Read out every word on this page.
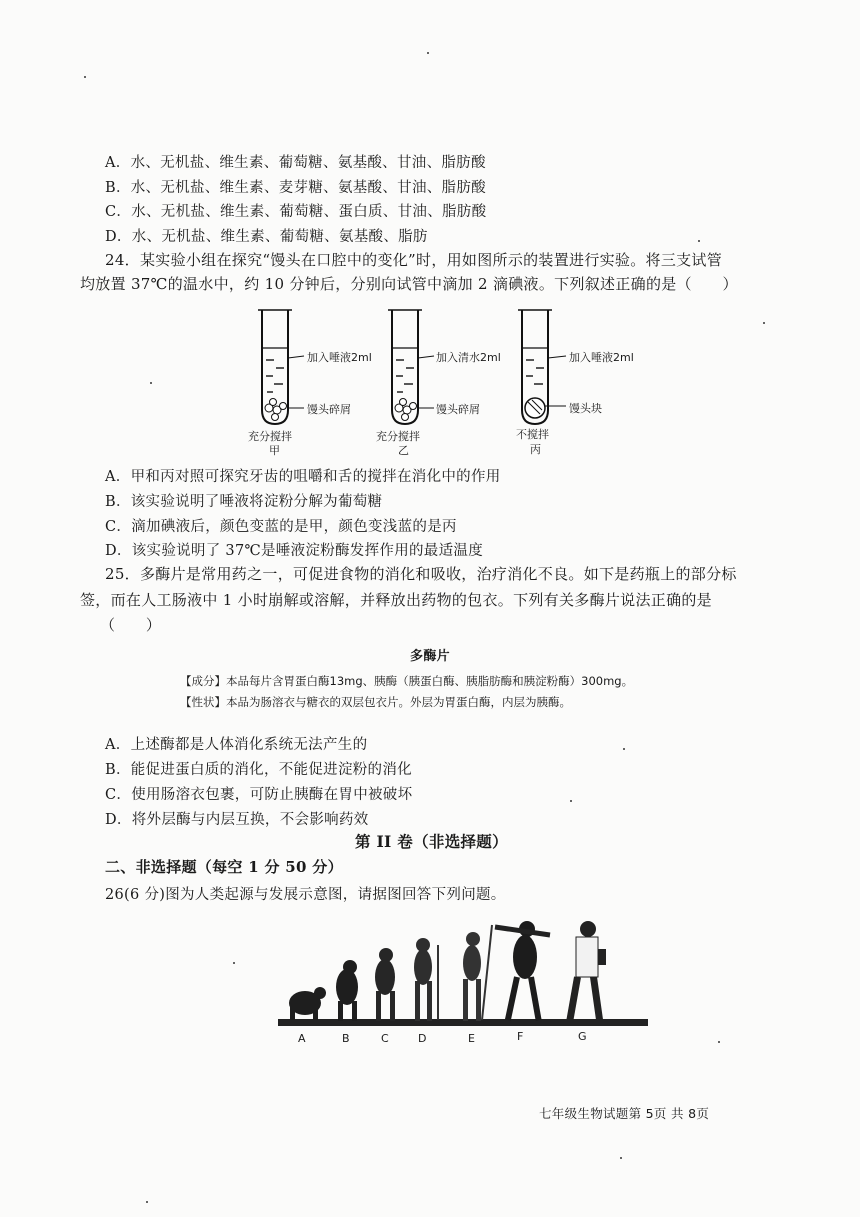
A．水、无机盐、维生素、葡萄糖、氨基酸、甘油、脂肪酸
B．水、无机盐、维生素、麦芽糖、氨基酸、甘油、脂肪酸
C．水、无机盐、维生素、葡萄糖、蛋白质、甘油、脂肪酸
D．水、无机盐、维生素、葡萄糖、氨基酸、脂肪
24．某实验小组在探究“馒头在口腔中的变化”时，用如图所示的装置进行实验。将三支试管
均放置 37℃的温水中，约 10 分钟后，分别向试管中滴加 2 滴碘液。下列叙述正确的是（　　）
加入唾液2ml
馒头碎屑
充分搅拌
甲
加入清水2ml
馒头碎屑
充分搅拌
乙
加入唾液2ml
馒头块
不搅拌
丙
A．甲和丙对照可探究牙齿的咀嚼和舌的搅拌在消化中的作用
B．该实验说明了唾液将淀粉分解为葡萄糖
C．滴加碘液后，颜色变蓝的是甲，颜色变浅蓝的是丙
D．该实验说明了 37℃是唾液淀粉酶发挥作用的最适温度
25．多酶片是常用药之一，可促进食物的消化和吸收，治疗消化不良。如下是药瓶上的部分标
签，而在人工肠液中 1 小时崩解或溶解，并释放出药物的包衣。下列有关多酶片说法正确的是
（　　）
多酶片
【成分】本品每片含胃蛋白酶13mg、胰酶（胰蛋白酶、胰脂肪酶和胰淀粉酶）300mg。
【性状】本品为肠溶衣与糖衣的双层包衣片。外层为胃蛋白酶，内层为胰酶。
A．上述酶都是人体消化系统无法产生的
B．能促进蛋白质的消化，不能促进淀粉的消化
C．使用肠溶衣包裹，可防止胰酶在胃中被破坏
D．将外层酶与内层互换，不会影响药效
第 II 卷（非选择题）
二、非选择题（每空 1 分 50 分）
26(6 分)图为人类起源与发展示意图，请据图回答下列问题。
A	B	C	D	E	F	G
七年级生物试题第 5页 共 8页
